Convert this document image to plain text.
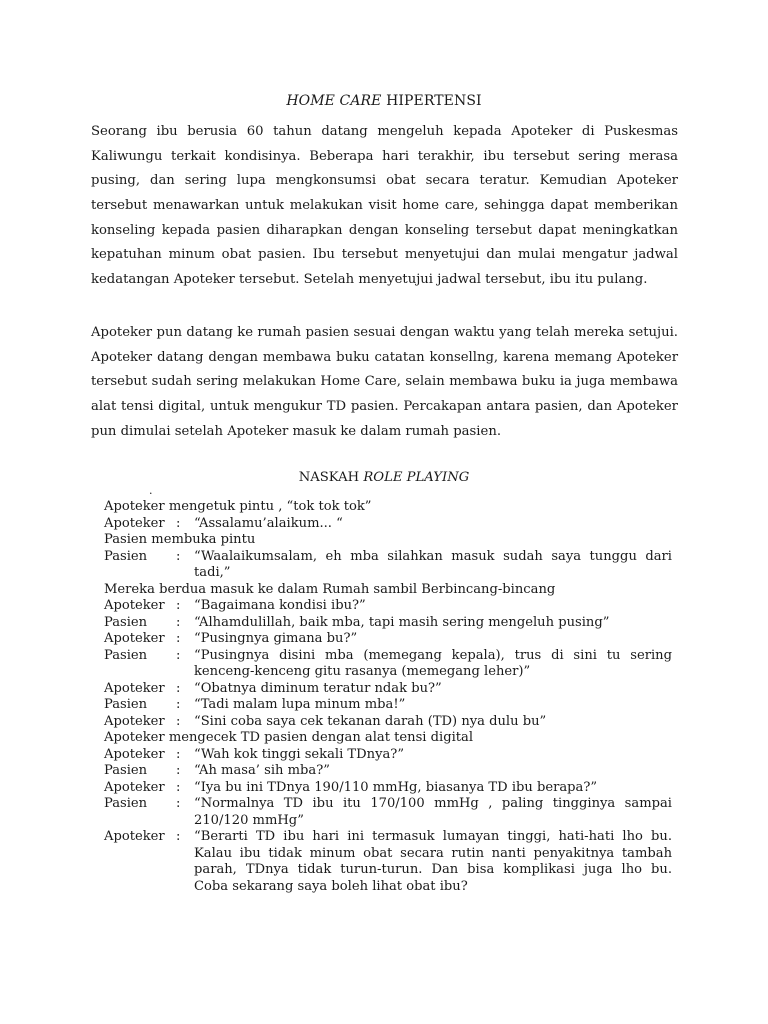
HOME CARE HIPERTENSI

Seorang ibu berusia 60 tahun datang mengeluh kepada Apoteker di Puskesmas
Kaliwungu terkait kondisinya. Beberapa hari terakhir, ibu tersebut sering merasa
pusing, dan sering lupa mengkonsumsi obat secara teratur. Kemudian Apoteker
tersebut menawarkan untuk melakukan visit home care, sehingga dapat memberikan
konseling kepada pasien diharapkan dengan konseling tersebut dapat meningkatkan
kepatuhan minum obat pasien. Ibu tersebut menyetujui dan mulai mengatur jadwal
kedatangan Apoteker tersebut. Setelah menyetujui jadwal tersebut, ibu itu pulang.

Apoteker pun datang ke rumah pasien sesuai dengan waktu yang telah mereka setujui.
Apoteker datang dengan membawa buku catatan konsellng, karena memang Apoteker
tersebut sudah sering melakukan Home Care, selain membawa buku ia juga membawa
alat tensi digital, untuk mengukur TD pasien. Percakapan antara pasien, dan Apoteker
pun dimulai setelah Apoteker masuk ke dalam rumah pasien.

NASKAH ROLE PLAYING
.
Apoteker mengetuk pintu , “tok tok tok”
Apoteker :	“Assalamu’alaikum... “
Pasien membuka pintu
Pasien	:	“Waalaikumsalam, eh mba silahkan masuk sudah saya tunggu dari
tadi,”
Mereka berdua masuk ke dalam Rumah sambil Berbincang-bincang
Apoteker :	“Bagaimana kondisi ibu?”
Pasien	:	“Alhamdulillah, baik mba, tapi masih sering mengeluh pusing”
Apoteker :	“Pusingnya gimana bu?”
Pasien	:	“Pusingnya disini mba (memegang kepala), trus di sini tu sering
kenceng-kenceng gitu rasanya (memegang leher)”
Apoteker :	“Obatnya diminum teratur ndak bu?”
Pasien	:	“Tadi malam lupa minum mba!”
Apoteker :	“Sini coba saya cek tekanan darah (TD) nya dulu bu”
Apoteker mengecek TD pasien dengan alat tensi digital
Apoteker :	“Wah kok tinggi sekali TDnya?”
Pasien	:	“Ah masa’ sih mba?”
Apoteker :	“Iya bu ini TDnya 190/110 mmHg, biasanya TD ibu berapa?”
Pasien	:	“Normalnya TD ibu itu 170/100 mmHg , paling tingginya sampai
210/120 mmHg”
Apoteker :	“Berarti TD ibu hari ini termasuk lumayan tinggi, hati-hati lho bu.
Kalau ibu tidak minum obat secara rutin nanti penyakitnya tambah
parah, TDnya tidak turun-turun. Dan bisa komplikasi juga lho bu.
Coba sekarang saya boleh lihat obat ibu?
